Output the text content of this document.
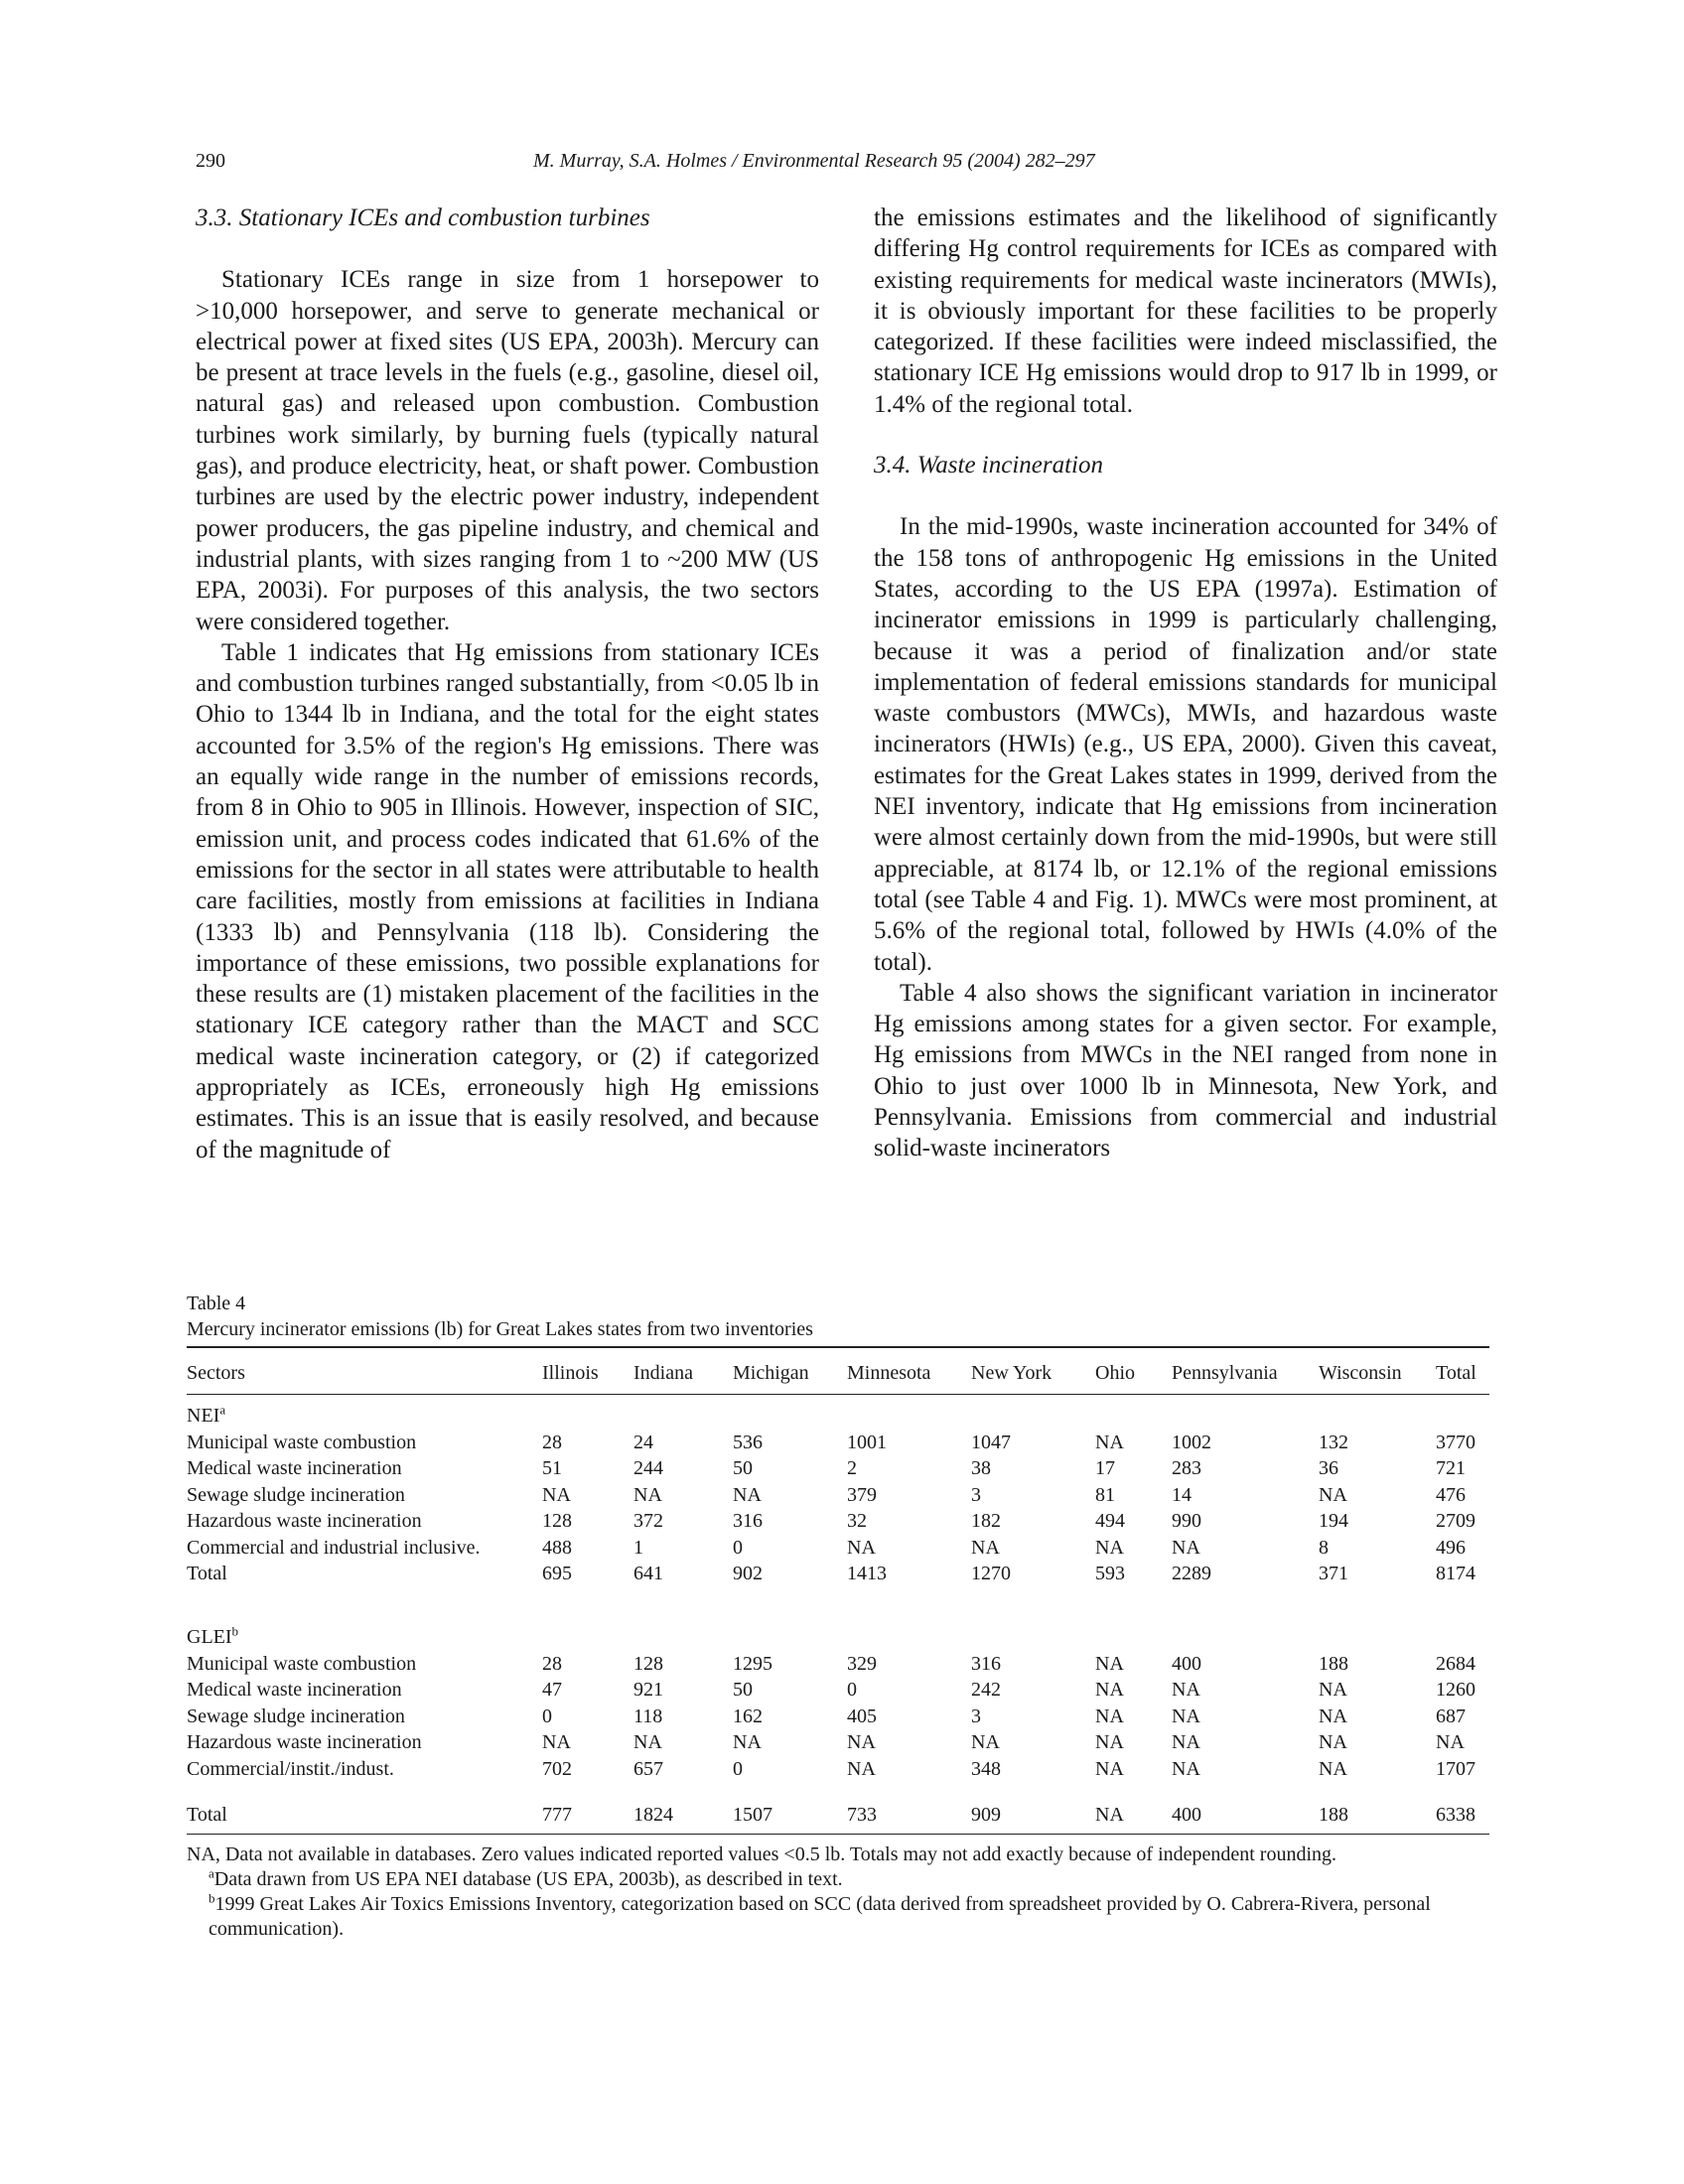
290	M. Murray, S.A. Holmes / Environmental Research 95 (2004) 282–297
3.3. Stationary ICEs and combustion turbines

Stationary ICEs range in size from 1 horsepower to >10,000 horsepower, and serve to generate mechanical or electrical power at fixed sites (US EPA, 2003h). Mercury can be present at trace levels in the fuels (e.g., gasoline, diesel oil, natural gas) and released upon combustion. Combustion turbines work similarly, by burning fuels (typically natural gas), and produce electricity, heat, or shaft power. Combustion turbines are used by the electric power industry, independent power producers, the gas pipeline industry, and chemical and industrial plants, with sizes ranging from 1 to ~200 MW (US EPA, 2003i). For purposes of this analysis, the two sectors were considered together.

Table 1 indicates that Hg emissions from stationary ICEs and combustion turbines ranged substantially, from <0.05 lb in Ohio to 1344 lb in Indiana, and the total for the eight states accounted for 3.5% of the region's Hg emissions. There was an equally wide range in the number of emissions records, from 8 in Ohio to 905 in Illinois. However, inspection of SIC, emission unit, and process codes indicated that 61.6% of the emissions for the sector in all states were attributable to health care facilities, mostly from emissions at facilities in Indiana (1333 lb) and Pennsylvania (118 lb). Considering the importance of these emissions, two possible explanations for these results are (1) mistaken placement of the facilities in the stationary ICE category rather than the MACT and SCC medical waste incineration category, or (2) if categorized appropriately as ICEs, erroneously high Hg emissions estimates. This is an issue that is easily resolved, and because of the magnitude of

the emissions estimates and the likelihood of significantly differing Hg control requirements for ICEs as compared with existing requirements for medical waste incinerators (MWIs), it is obviously important for these facilities to be properly categorized. If these facilities were indeed misclassified, the stationary ICE Hg emissions would drop to 917 lb in 1999, or 1.4% of the regional total.

3.4. Waste incineration

In the mid-1990s, waste incineration accounted for 34% of the 158 tons of anthropogenic Hg emissions in the United States, according to the US EPA (1997a). Estimation of incinerator emissions in 1999 is particularly challenging, because it was a period of finalization and/or state implementation of federal emissions standards for municipal waste combustors (MWCs), MWIs, and hazardous waste incinerators (HWIs) (e.g., US EPA, 2000). Given this caveat, estimates for the Great Lakes states in 1999, derived from the NEI inventory, indicate that Hg emissions from incineration were almost certainly down from the mid-1990s, but were still appreciable, at 8174 lb, or 12.1% of the regional emissions total (see Table 4 and Fig. 1). MWCs were most prominent, at 5.6% of the regional total, followed by HWIs (4.0% of the total).

Table 4 also shows the significant variation in incinerator Hg emissions among states for a given sector. For example, Hg emissions from MWCs in the NEI ranged from none in Ohio to just over 1000 lb in Minnesota, New York, and Pennsylvania. Emissions from commercial and industrial solid-waste incinerators

Table 4

Mercury incinerator emissions (lb) for Great Lakes states from two inventories

Sectors	Illinois	Indiana	Michigan	Minnesota	New York	Ohio	Pennsylvania	Wisconsin	Total
NEI$^a$
Municipal waste combustion	28	24	536	1001	1047	NA	1002	132	3770
Medical waste incineration	51	244	50	2	38	17	283	36	721
Sewage sludge incineration	NA	NA	NA	379	3	81	14	NA	476
Hazardous waste incineration	128	372	316	32	182	494	990	194	2709
Commercial and industrial inclusive.	488	1	0	NA	NA	NA	NA	8	496
Total	695	641	902	1413	1270	593	2289	371	8174

GLEI$^b$
Municipal waste combustion	28	128	1295	329	316	NA	400	188	2684
Medical waste incineration	47	921	50	0	242	NA	NA	NA	1260
Sewage sludge incineration	0	118	162	405	3	NA	NA	NA	687
Hazardous waste incineration	NA	NA	NA	NA	NA	NA	NA	NA	NA
Commercial/instit./indust.	702	657	0	NA	348	NA	NA	NA	1707
Total	777	1824	1507	733	909	NA	400	188	6338

NA, Data not available in databases. Zero values indicated reported values <0.5 lb. Totals may not add exactly because of independent rounding.

$^a$Data drawn from US EPA NEI database (US EPA, 2003b), as described in text.

$^b$1999 Great Lakes Air Toxics Emissions Inventory, categorization based on SCC (data derived from spreadsheet provided by O. Cabrera-Rivera, personal communication).
